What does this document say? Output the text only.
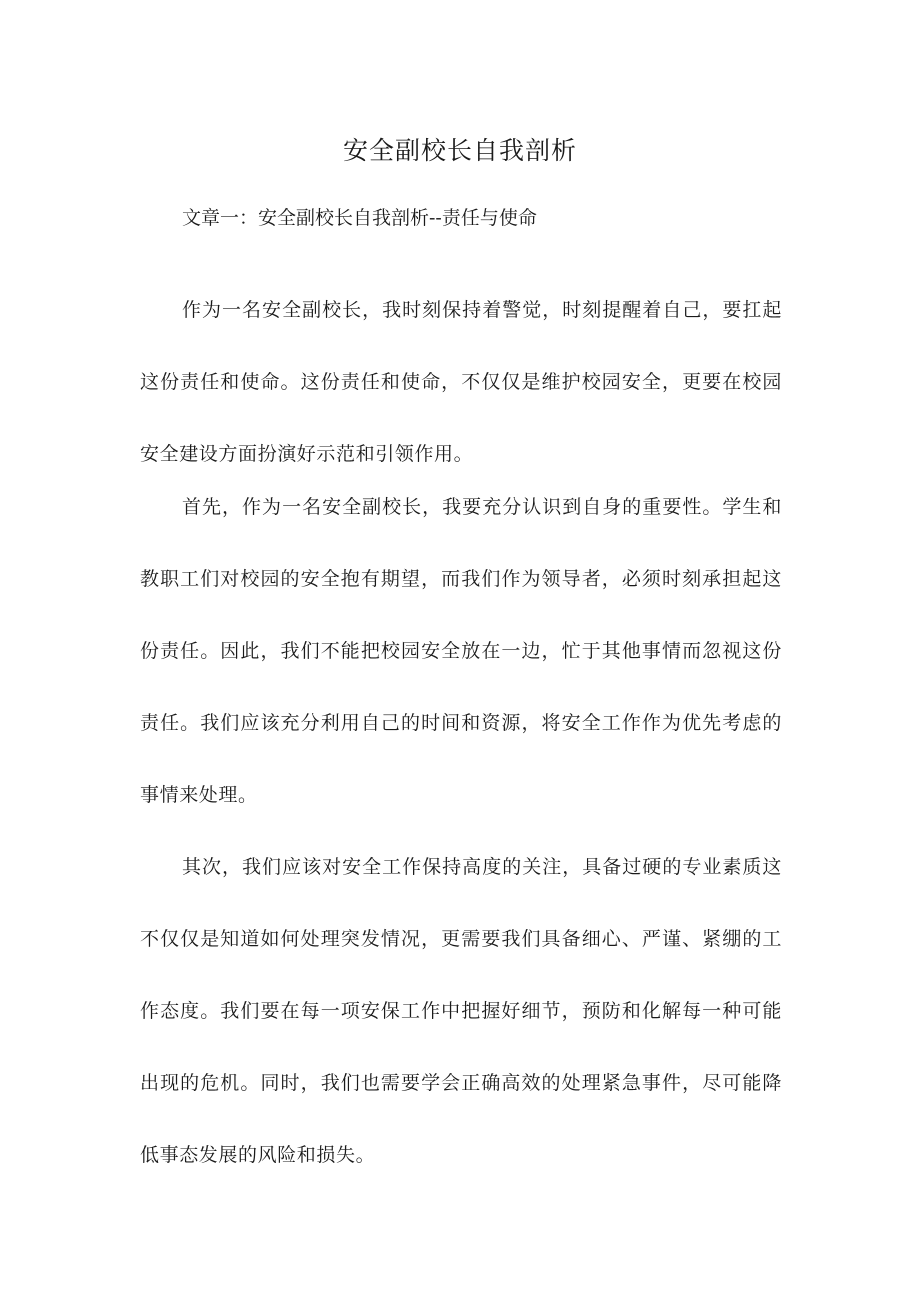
安全副校长自我剖析

文章一：安全副校长自我剖析--责任与使命

作为一名安全副校长，我时刻保持着警觉，时刻提醒着自己，要扛起这份责任和使命。这份责任和使命，不仅仅是维护校园安全，更要在校园安全建设方面扮演好示范和引领作用。

首先，作为一名安全副校长，我要充分认识到自身的重要性。学生和教职工们对校园的安全抱有期望，而我们作为领导者，必须时刻承担起这份责任。因此，我们不能把校园安全放在一边，忙于其他事情而忽视这份责任。我们应该充分利用自己的时间和资源，将安全工作作为优先考虑的事情来处理。

其次，我们应该对安全工作保持高度的关注，具备过硬的专业素质这不仅仅是知道如何处理突发情况，更需要我们具备细心、严谨、紧绷的工作态度。我们要在每一项安保工作中把握好细节，预防和化解每一种可能出现的危机。同时，我们也需要学会正确高效的处理紧急事件，尽可能降低事态发展的风险和损失。
